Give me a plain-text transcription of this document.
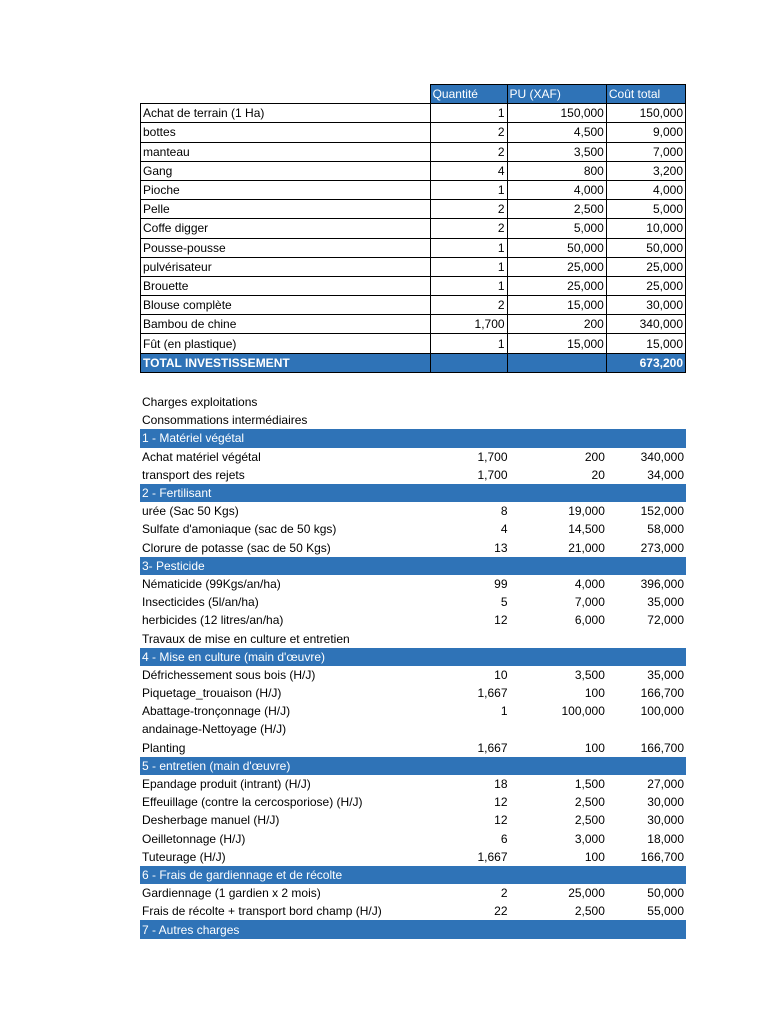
	Quantité	PU (XAF)	Coût total
Achat de terrain (1 Ha)	1	150,000	150,000
bottes	2	4,500	9,000
manteau	2	3,500	7,000
Gang	4	800	3,200
Pioche	1	4,000	4,000
Pelle	2	2,500	5,000
Coffe digger	2	5,000	10,000
Pousse-pousse	1	50,000	50,000
pulvérisateur	1	25,000	25,000
Brouette	1	25,000	25,000
Blouse complète	2	15,000	30,000
Bambou de chine	1,700	200	340,000
Fût (en plastique)	1	15,000	15,000
TOTAL INVESTISSEMENT			673,200
Charges exploitations			
Consommations intermédiaires			
1 - Matériel végétal			
Achat matériel végétal	1,700	200	340,000
transport des rejets	1,700	20	34,000
2 - Fertilisant			
urée (Sac 50 Kgs)	8	19,000	152,000
Sulfate d'amoniaque (sac de 50 kgs)	4	14,500	58,000
Clorure de potasse (sac de 50 Kgs)	13	21,000	273,000
3- Pesticide			
Nématicide (99Kgs/an/ha)	99	4,000	396,000
Insecticides (5l/an/ha)	5	7,000	35,000
herbicides (12 litres/an/ha)	12	6,000	72,000
Travaux de mise en culture et entretien			
4 - Mise en culture (main d'œuvre)			
Défrichessement sous bois (H/J)	10	3,500	35,000
Piquetage_trouaison (H/J)	1,667	100	166,700
Abattage-tronçonnage (H/J)	1	100,000	100,000
andainage-Nettoyage (H/J)			
Planting	1,667	100	166,700
5 - entretien (main d'œuvre)			
Epandage produit (intrant) (H/J)	18	1,500	27,000
Effeuillage (contre la cercosporiose) (H/J)	12	2,500	30,000
Desherbage manuel (H/J)	12	2,500	30,000
Oeilletonnage (H/J)	6	3,000	18,000
Tuteurage (H/J)	1,667	100	166,700
6 - Frais de gardiennage et de récolte			
Gardiennage (1 gardien x 2 mois)	2	25,000	50,000
Frais de récolte + transport bord champ (H/J)	22	2,500	55,000
7 - Autres charges			
